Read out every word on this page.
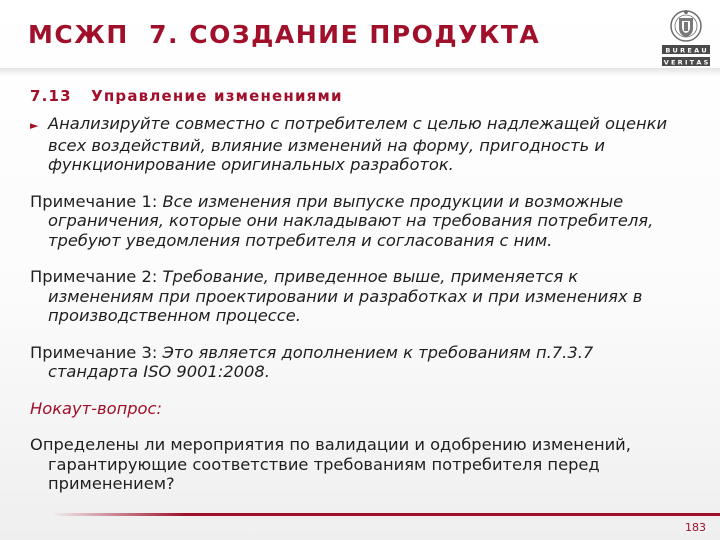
МСЖП  7. СОЗДАНИЕ ПРОДУКТА
B U R E A U
V E R I T A S
7.13   Управление изменениями

► Анализируйте совместно с потребителем с целью надлежащей оценки всех воздействий, влияние изменений на форму, пригодность и функционирование оригинальных разработок.

Примечание 1: Все изменения при выпуске продукции и возможные ограничения, которые они накладывают на требования потребителя, требуют уведомления потребителя и согласования с ним.

Примечание 2: Требование, приведенное выше, применяется к изменениям при проектировании и разработках и при изменениях в производственном процессе.

Примечание 3: Это является дополнением к требованиям п.7.3.7 стандарта ISO 9001:2008.

Нокаут-вопрос:

Определены ли мероприятия по валидации и одобрению изменений, гарантирующие соответствие требованиям потребителя перед применением?

183
